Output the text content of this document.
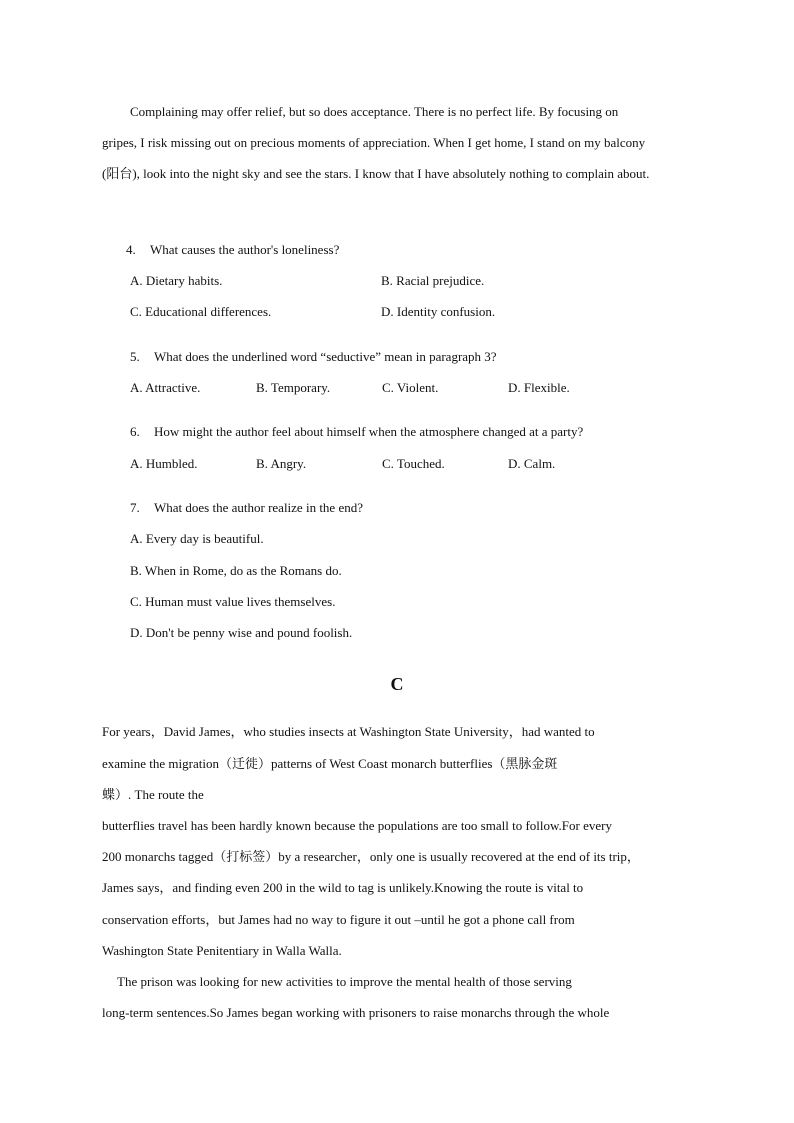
Complaining may offer relief, but so does acceptance. There is no perfect life. By focusing on
gripes, I risk missing out on precious moments of appreciation. When I get home, I stand on my balcony
(阳台), look into the night sky and see the stars. I know that I have absolutely nothing to complain about.
4. What causes the author's loneliness?
A. Dietary habits.	B. Racial prejudice.
C. Educational differences.	D. Identity confusion.
5. What does the underlined word “seductive” mean in paragraph 3?
A. Attractive.	B. Temporary.	C. Violent.	D. Flexible.
6. How might the author feel about himself when the atmosphere changed at a party?
A. Humbled.	B. Angry.	C. Touched.	D. Calm.
7. What does the author realize in the end?
A. Every day is beautiful.
B. When in Rome, do as the Romans do.
C. Human must value lives themselves.
D. Don't be penny wise and pound foolish.
C
For years，David James，who studies insects at Washington State University，had wanted to
examine the migration（迁徙）patterns of West Coast monarch butterflies（黑脉金斑
蝶）. The route the
butterflies travel has been hardly known because the populations are too small to follow.For every
200 monarchs tagged（打标签）by a researcher，only one is usually recovered at the end of its trip，
James says，and finding even 200 in the wild to tag is unlikely.Knowing the route is vital to
conservation efforts，but James had no way to figure it out –until he got a phone call from
Washington State Penitentiary in Walla Walla.
The prison was looking for new activities to improve the mental health of those serving
long-term sentences.So James began working with prisoners to raise monarchs through the whole
